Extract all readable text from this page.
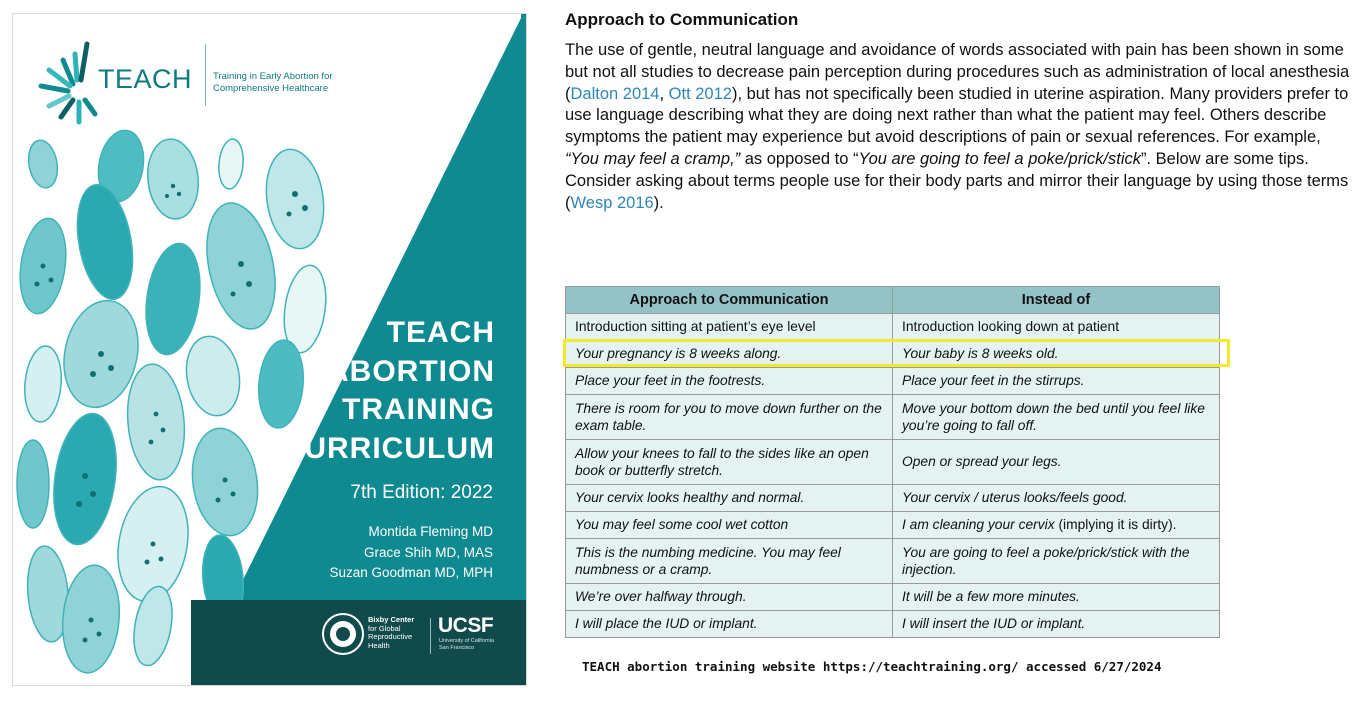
TEACH Training in Early Abortion for
Comprehensive Healthcare
TEACH
ABORTION
TRAINING
CURRICULUM
7th Edition: 2022
Montida Fleming MD
Grace Shih MD, MAS
Suzan Goodman MD, MPH
Bixby Center
for Global
Reproductive
Health
UCSF
University of California
San Francisco
Approach to Communication
The use of gentle, neutral language and avoidance of words associated with pain has been shown in some but not all studies to decrease pain perception during procedures such as administration of local anesthesia (Dalton 2014, Ott 2012), but has not specifically been studied in uterine aspiration. Many providers prefer to use language describing what they are doing next rather than what the patient may feel. Others describe symptoms the patient may experience but avoid descriptions of pain or sexual references. For example, “You may feel a cramp,” as opposed to “You are going to feel a poke/prick/stick”. Below are some tips. Consider asking about terms people use for their body parts and mirror their language by using those terms (Wesp 2016).
Approach to Communication	Instead of
Introduction sitting at patient’s eye level	Introduction looking down at patient
Your pregnancy is 8 weeks along.	Your baby is 8 weeks old.
Place your feet in the footrests.	Place your feet in the stirrups.
There is room for you to move down further on the exam table.	Move your bottom down the bed until you feel like you’re going to fall off.
Allow your knees to fall to the sides like an open book or butterfly stretch.	Open or spread your legs.
Your cervix looks healthy and normal.	Your cervix / uterus looks/feels good.
You may feel some cool wet cotton	I am cleaning your cervix (implying it is dirty).
This is the numbing medicine. You may feel numbness or a cramp.	You are going to feel a poke/prick/stick with the injection.
We’re over halfway through.	It will be a few more minutes.
I will place the IUD or implant.	I will insert the IUD or implant.
TEACH abortion training website https://teachtraining.org/ accessed 6/27/2024
